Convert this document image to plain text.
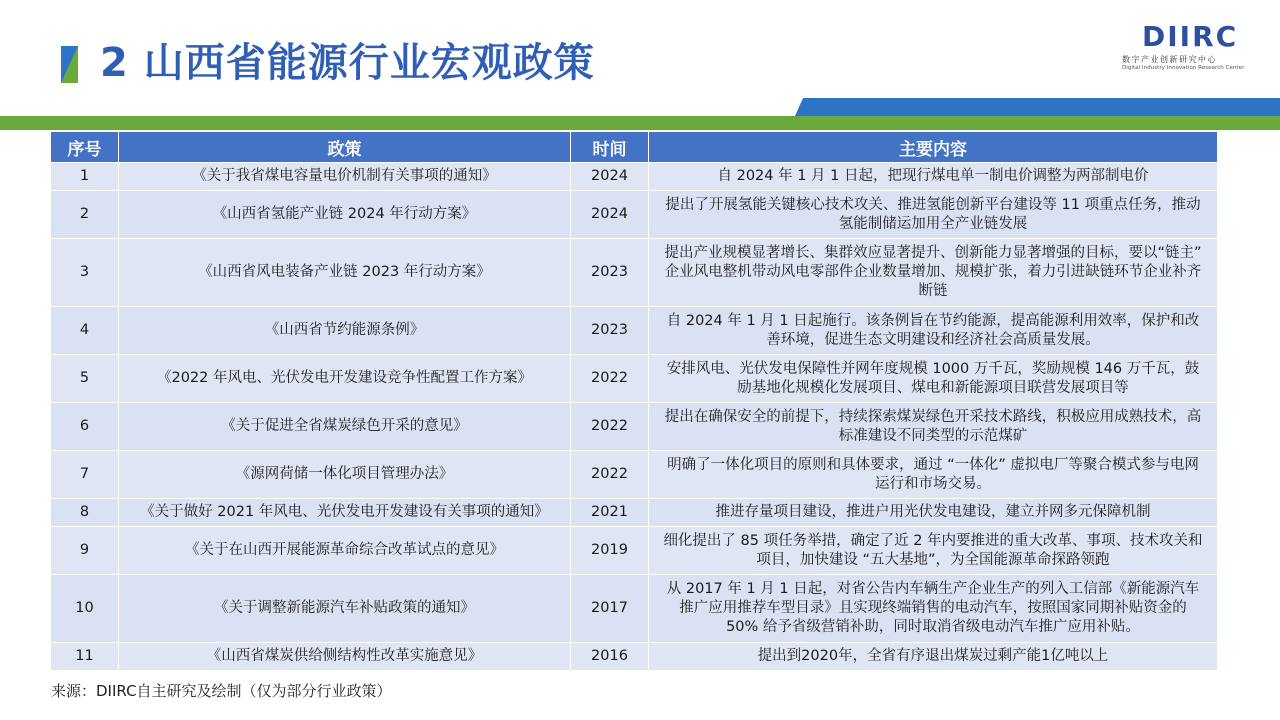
2 山西省能源行业宏观政策
DIIRC
数字产业创新研究中心
Digital Industry Innovation Research Center
序号	政策	时间	主要内容
1	《关于我省煤电容量电价机制有关事项的通知》	2024	自 2024 年 1 月 1 日起，把现行煤电单一制电价调整为两部制电价
2	《山西省氢能产业链 2024 年行动方案》	2024	提出了开展氢能关键核心技术攻关、推进氢能创新平台建设等 11 项重点任务，推动氢能制储运加用全产业链发展
3	《山西省风电装备产业链 2023 年行动方案》	2023	提出产业规模显著增长、集群效应显著提升、创新能力显著增强的目标，要以“链主” 企业风电整机带动风电零部件企业数量增加、规模扩张，着力引进缺链环节企业补齐断链
4	《山西省节约能源条例》	2023	自 2024 年 1 月 1 日起施行。该条例旨在节约能源，提高能源利用效率，保护和改善环境，促进生态文明建设和经济社会高质量发展。
5	《2022 年风电、光伏发电开发建设竞争性配置工作方案》	2022	安排风电、光伏发电保障性并网年度规模 1000 万千瓦，奖励规模 146 万千瓦，鼓励基地化规模化发展项目、煤电和新能源项目联营发展项目等
6	《关于促进全省煤炭绿色开采的意见》	2022	提出在确保安全的前提下，持续探索煤炭绿色开采技术路线，积极应用成熟技术，高标准建设不同类型的示范煤矿
7	《源网荷储一体化项目管理办法》	2022	明确了一体化项目的原则和具体要求，通过 “一体化” 虚拟电厂等聚合模式参与电网运行和市场交易。
8	《关于做好 2021 年风电、光伏发电开发建设有关事项的通知》	2021	推进存量项目建设，推进户用光伏发电建设，建立并网多元保障机制
9	《关于在山西开展能源革命综合改革试点的意见》	2019	细化提出了 85 项任务举措，确定了近 2 年内要推进的重大改革、事项、技术攻关和项目，加快建设 “五大基地”，为全国能源革命探路领跑
10	《关于调整新能源汽车补贴政策的通知》	2017	从 2017 年 1 月 1 日起，对省公告内车辆生产企业生产的列入工信部《新能源汽车推广应用推荐车型目录》且实现终端销售的电动汽车，按照国家同期补贴资金的 50% 给予省级营销补助，同时取消省级电动汽车推广应用补贴。
11	《山西省煤炭供给侧结构性改革实施意见》	2016	提出到2020年，全省有序退出煤炭过剩产能1亿吨以上
来源：DIIRC自主研究及绘制（仅为部分行业政策）
